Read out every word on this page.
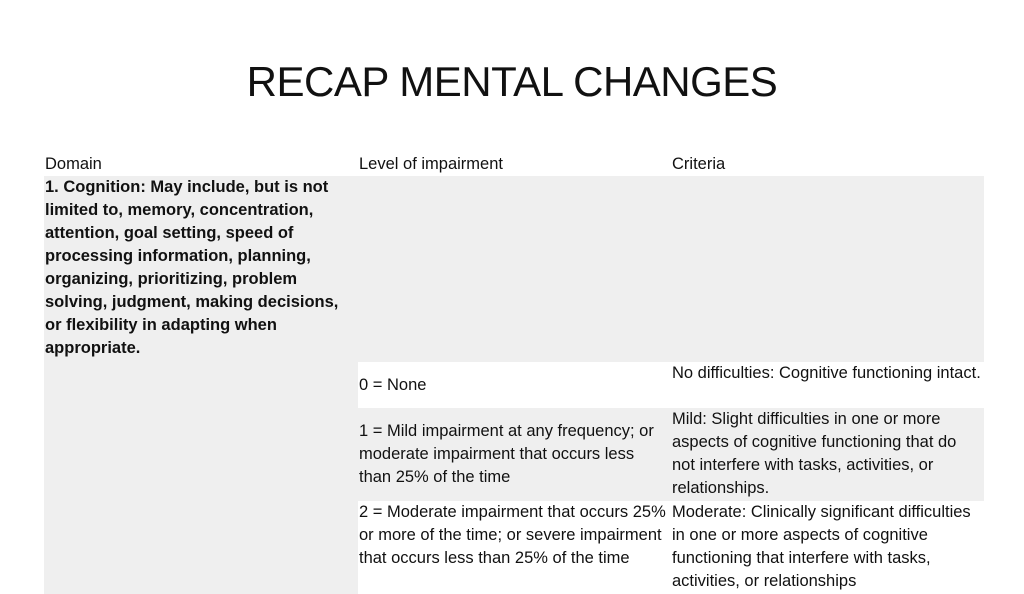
RECAP MENTAL CHANGES
Domain	Level of impairment	Criteria
1. Cognition: May include, but is not limited to, memory, concentration, attention, goal setting, speed of processing information, planning, organizing, prioritizing, problem solving, judgment, making decisions, or flexibility in adapting when appropriate.
0 = None
No difficulties: Cognitive functioning intact.
1 = Mild impairment at any frequency; or moderate impairment that occurs less than 25% of the time
Mild: Slight difficulties in one or more aspects of cognitive functioning that do not interfere with tasks, activities, or relationships.
2 = Moderate impairment that occurs 25% or more of the time; or severe impairment that occurs less than 25% of the time
Moderate: Clinically significant difficulties in one or more aspects of cognitive functioning that interfere with tasks, activities, or relationships
